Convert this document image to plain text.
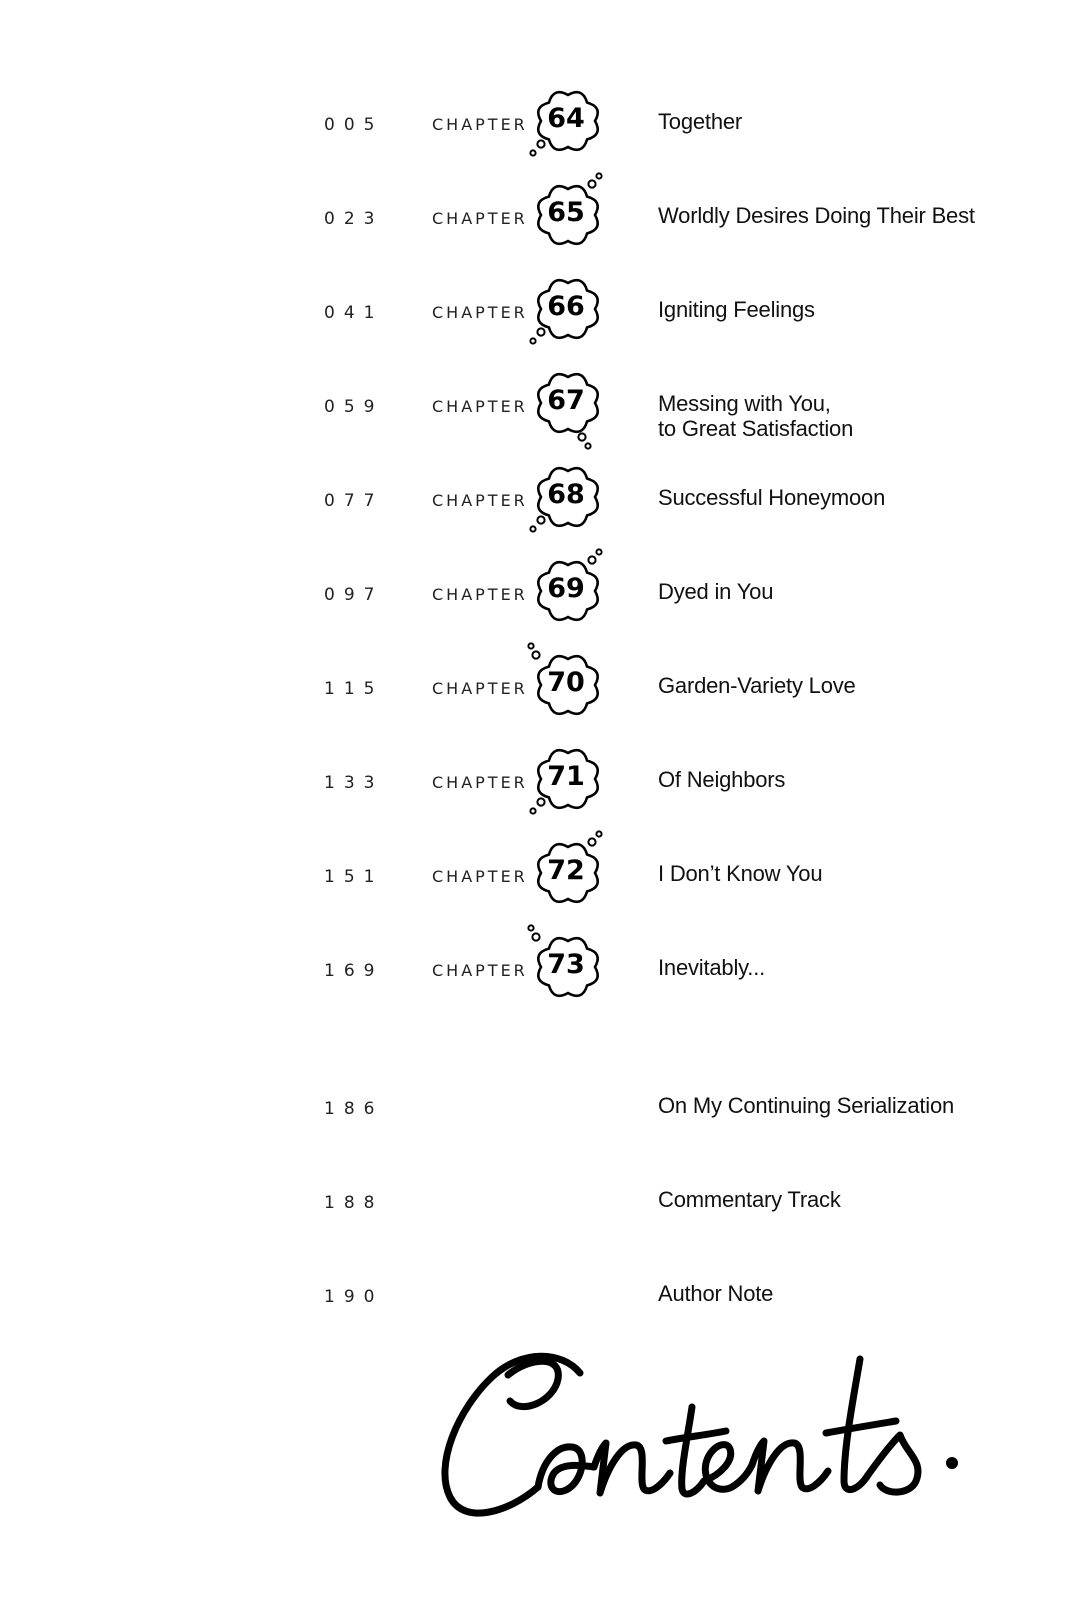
005	CHAPTER 64	Together
023	CHAPTER 65	Worldly Desires Doing Their Best
041	CHAPTER 66	Igniting Feelings
059	CHAPTER 67	Messing with You,
to Great Satisfaction
077	CHAPTER 68	Successful Honeymoon
097	CHAPTER 69	Dyed in You
115	CHAPTER 70	Garden-Variety Love
133	CHAPTER 71	Of Neighbors
151	CHAPTER 72	I Don’t Know You
169	CHAPTER 73	Inevitably...
186	On My Continuing Serialization
188	Commentary Track
190	Author Note
